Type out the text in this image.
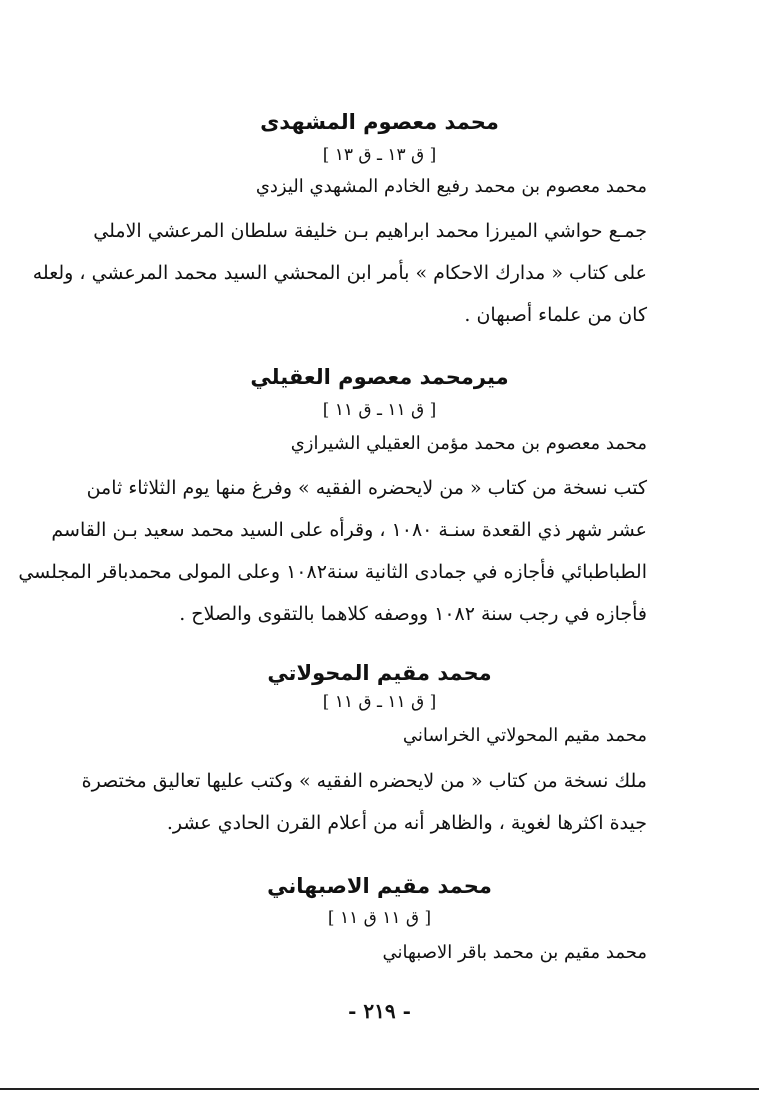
محمد معصوم المشهدی
[ ق ١٣ ـ ق ١٣ ]
محمد معصوم بن محمد رفيع الخادم المشهدي اليزدي
جمـع حواشي الميرزا محمد ابراهيم بـن خليفة سلطان المرعشي الاملي
على كتاب « مدارك الاحكام » بأمر ابن المحشي السيد محمد المرعشي ، ولعله
كان من علماء أصبهان .
ميرمحمد معصوم العقيلي
[ ق ١١ ـ ق ١١ ]
محمد معصوم بن محمد مؤمن العقيلي الشيرازي
كتب نسخة من كتاب « من لايحضره الفقيه » وفرغ منها يوم الثلاثاء ثامن
عشر شهر ذي القعدة سنـة ١٠٨٠ ، وقرأه على السيد محمد سعيد بـن القاسم
الطباطبائي فأجازه في جمادى الثانية سنة١٠٨٢ وعلى المولى محمدباقر المجلسي
فأجازه في رجب سنة ١٠٨٢ ووصفه كلاهما بالتقوى والصلاح .
محمد مقيم المحولاتي
[ ق ١١ ـ ق ١١ ]
محمد مقيم المحولاتي الخراساني
ملك نسخة من كتاب « من لايحضره الفقيه » وكتب عليها تعاليق مختصرة
جيدة اكثرها لغوية ، والظاهر أنه من أعلام القرن الحادي عشر.
محمد مقيم الاصبهاني
[ ق ١١ ق ١١ ]
محمد مقيم بن محمد باقر الاصبهاني
- ٢١٩ -
